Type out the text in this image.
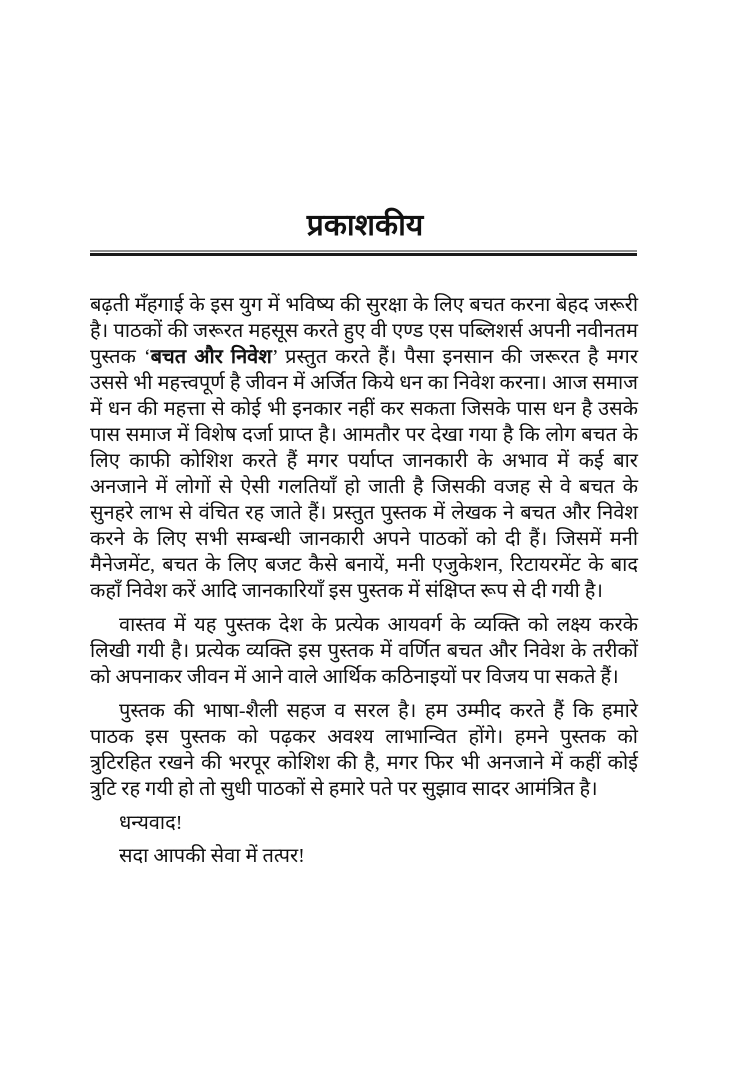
प्रकाशकीय

बढ़ती मँहगाई के इस युग में भविष्य की सुरक्षा के लिए बचत करना बेहद जरूरी है। पाठकों की जरूरत महसूस करते हुए वी एण्ड एस पब्लिशर्स अपनी नवीनतम पुस्तक ‘बचत और निवेश’ प्रस्तुत करते हैं। पैसा इनसान की जरूरत है मगर उससे भी महत्त्वपूर्ण है जीवन में अर्जित किये धन का निवेश करना। आज समाज में धन की महत्ता से कोई भी इनकार नहीं कर सकता जिसके पास धन है उसके पास समाज में विशेष दर्जा प्राप्त है। आमतौर पर देखा गया है कि लोग बचत के लिए काफी कोशिश करते हैं मगर पर्याप्त जानकारी के अभाव में कई बार अनजाने में लोगों से ऐसी गलतियाँ हो जाती है जिसकी वजह से वे बचत के सुनहरे लाभ से वंचित रह जाते हैं। प्रस्तुत पुस्तक में लेखक ने बचत और निवेश करने के लिए सभी सम्बन्धी जानकारी अपने पाठकों को दी हैं। जिसमें मनी मैनेजमेंट, बचत के लिए बजट कैसे बनायें, मनी एजुकेशन, रिटायरमेंट के बाद कहाँ निवेश करें आदि जानकारियाँ इस पुस्तक में संक्षिप्त रूप से दी गयी है।

वास्तव में यह पुस्तक देश के प्रत्येक आयवर्ग के व्यक्ति को लक्ष्य करके लिखी गयी है। प्रत्येक व्यक्ति इस पुस्तक में वर्णित बचत और निवेश के तरीकों को अपनाकर जीवन में आने वाले आर्थिक कठिनाइयों पर विजय पा सकते हैं।

पुस्तक की भाषा-शैली सहज व सरल है। हम उम्मीद करते हैं कि हमारे पाठक इस पुस्तक को पढ़कर अवश्य लाभान्वित होंगे। हमने पुस्तक को त्रुटिरहित रखने की भरपूर कोशिश की है, मगर फिर भी अनजाने में कहीं कोई त्रुटि रह गयी हो तो सुधी पाठकों से हमारे पते पर सुझाव सादर आमंत्रित है।

धन्यवाद!

सदा आपकी सेवा में तत्पर!
